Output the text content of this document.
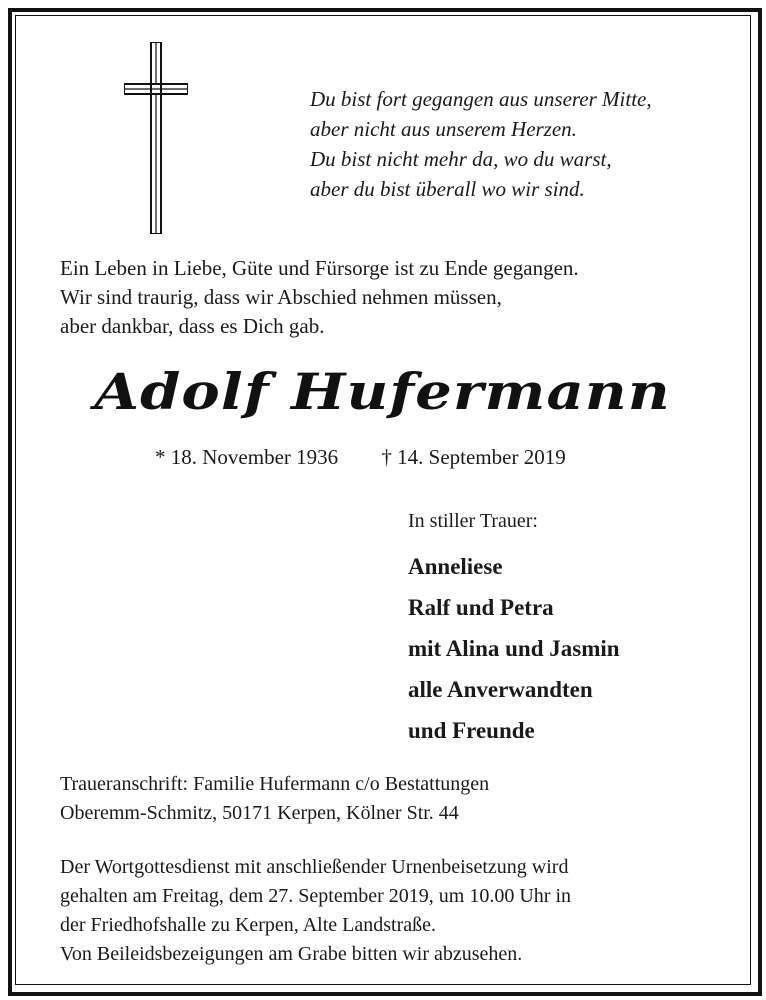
Du bist fort gegangen aus unserer Mitte,
aber nicht aus unserem Herzen.
Du bist nicht mehr da, wo du warst,
aber du bist überall wo wir sind.
Ein Leben in Liebe, Güte und Fürsorge ist zu Ende gegangen.
Wir sind traurig, dass wir Abschied nehmen müssen,
aber dankbar, dass es Dich gab.
Adolf Hufermann
* 18. November 1936 † 14. September 2019
In stiller Trauer:
Anneliese
Ralf und Petra
mit Alina und Jasmin
alle Anverwandten
und Freunde
Traueranschrift: Familie Hufermann c/o Bestattungen
Oberemm-Schmitz, 50171 Kerpen, Kölner Str. 44
Der Wortgottesdienst mit anschließender Urnenbeisetzung wird
gehalten am Freitag, dem 27. September 2019, um 10.00 Uhr in
der Friedhofshalle zu Kerpen, Alte Landstraße.
Von Beileidsbezeigungen am Grabe bitten wir abzusehen.
